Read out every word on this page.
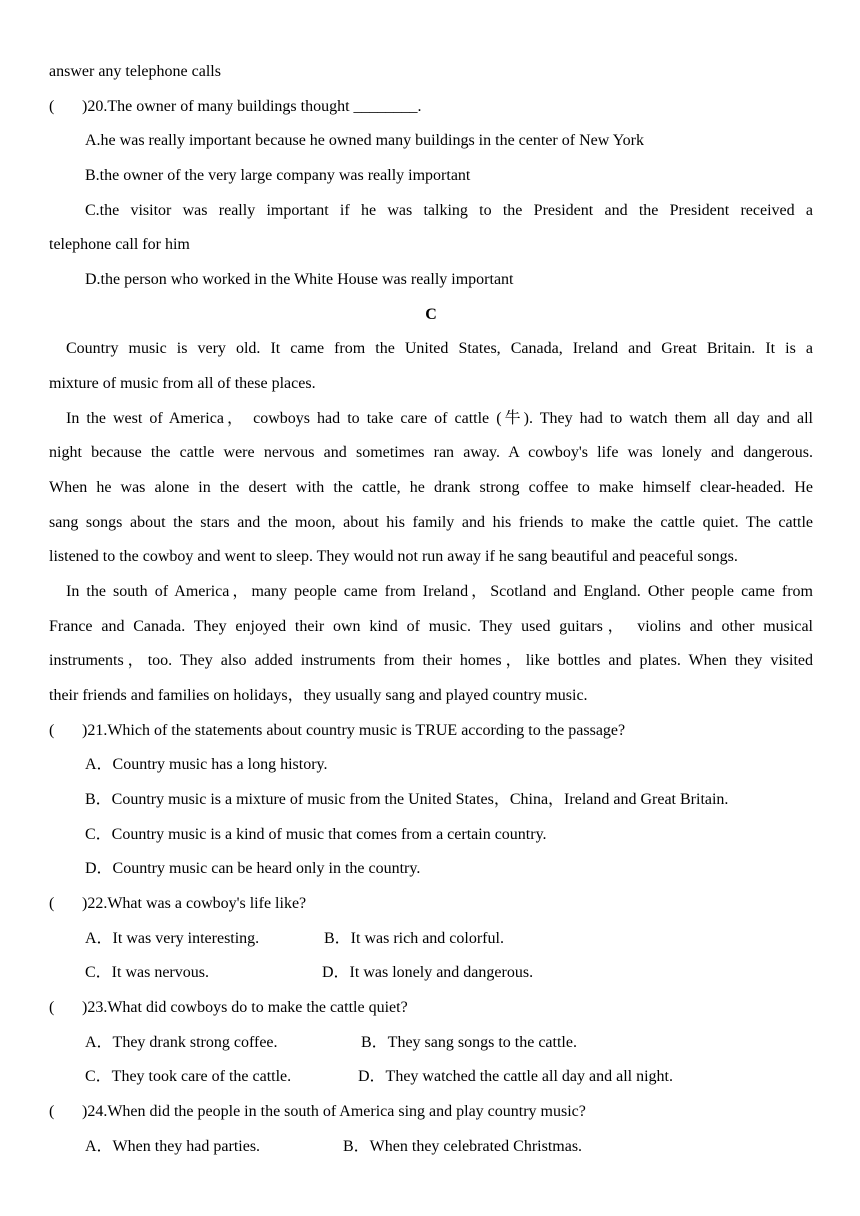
answer any telephone calls
( )20.The owner of many buildings thought ________.
A.he was really important because he owned many buildings in the center of New York
B.the owner of the very large company was really important
C.the visitor was really important if he was talking to the President and the President received a
telephone call for him
D.the person who worked in the White House was really important
C
Country music is very old. It came from the United States, Canada, Ireland and Great Britain. It is a
mixture of music from all of these places.
In the west of America， cowboys had to take care of cattle (牛). They had to watch them all day and all
night because the cattle were nervous and sometimes ran away. A cowboy's life was lonely and dangerous.
When he was alone in the desert with the cattle, he drank strong coffee to make himself clear-headed. He
sang songs about the stars and the moon, about his family and his friends to make the cattle quiet. The cattle
listened to the cowboy and went to sleep. They would not run away if he sang beautiful and peaceful songs.
In the south of America，many people came from Ireland，Scotland and England. Other people came from
France and Canada. They enjoyed their own kind of music. They used guitars， violins and other musical
instruments，too. They also added instruments from their homes，like bottles and plates. When they visited
their friends and families on holidays，they usually sang and played country music.
( )21.Which of the statements about country music is TRUE according to the passage?
A．Country music has a long history.
B．Country music is a mixture of music from the United States，China，Ireland and Great Britain.
C．Country music is a kind of music that comes from a certain country.
D．Country music can be heard only in the country.
( )22.What was a cowboy's life like?
A．It was very interesting.	B．It was rich and colorful.
C．It was nervous.	D．It was lonely and dangerous.
( )23.What did cowboys do to make the cattle quiet?
A．They drank strong coffee.	B．They sang songs to the cattle.
C．They took care of the cattle.	D．They watched the cattle all day and all night.
( )24.When did the people in the south of America sing and play country music?
A．When they had parties.	B．When they celebrated Christmas.
